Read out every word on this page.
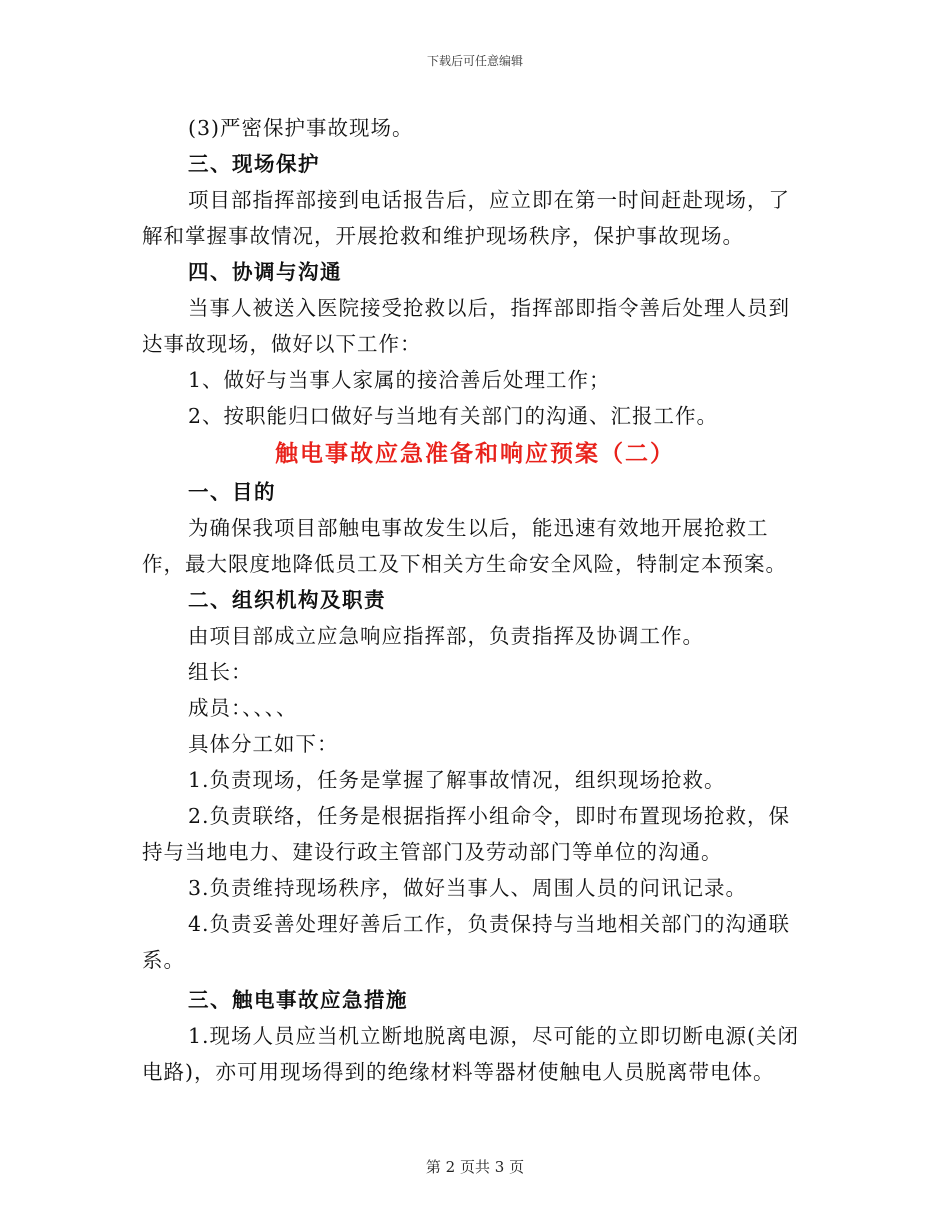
下载后可任意编辑

(3)严密保护事故现场。

三、现场保护

项目部指挥部接到电话报告后，应立即在第一时间赶赴现场，了解和掌握事故情况，开展抢救和维护现场秩序，保护事故现场。

四、协调与沟通

当事人被送入医院接受抢救以后，指挥部即指令善后处理人员到达事故现场，做好以下工作：

1、做好与当事人家属的接洽善后处理工作；

2、按职能归口做好与当地有关部门的沟通、汇报工作。

触电事故应急准备和响应预案（二）

一、目的

为确保我项目部触电事故发生以后，能迅速有效地开展抢救工作，最大限度地降低员工及下相关方生命安全风险，特制定本预案。

二、组织机构及职责

由项目部成立应急响应指挥部，负责指挥及协调工作。

组长：

成员：、、、、

具体分工如下：

1.负责现场，任务是掌握了解事故情况，组织现场抢救。

2.负责联络，任务是根据指挥小组命令，即时布置现场抢救，保持与当地电力、建设行政主管部门及劳动部门等单位的沟通。

3.负责维持现场秩序，做好当事人、周围人员的问讯记录。

4.负责妥善处理好善后工作，负责保持与当地相关部门的沟通联系。

三、触电事故应急措施

1.现场人员应当机立断地脱离电源，尽可能的立即切断电源(关闭电路)，亦可用现场得到的绝缘材料等器材使触电人员脱离带电体。

第 2 页共 3 页
